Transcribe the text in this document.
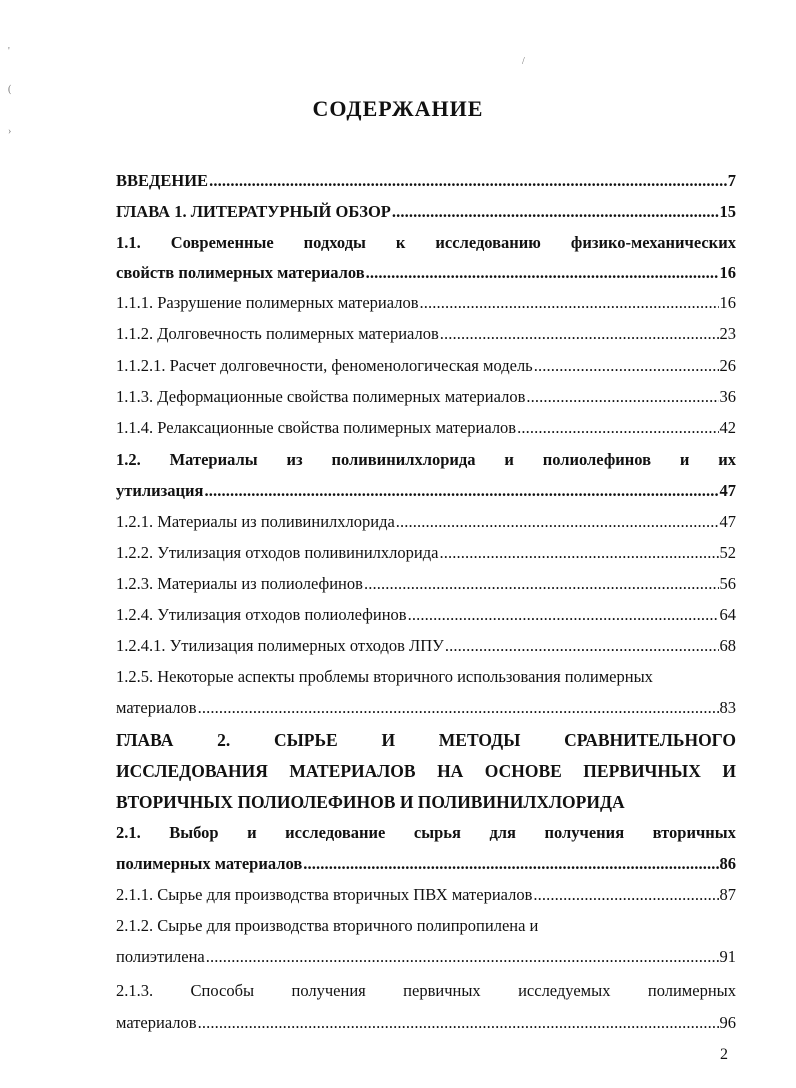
/
'
(
›
СОДЕРЖАНИЕ
ВВЕДЕНИЕ . . .	7
ГЛАВА 1. ЛИТЕРАТУРНЫЙ ОБЗОР . . .	15
1.1. Современные подходы к исследованию физико-механических
свойств полимерных материалов . . .	16
1.1.1. Разрушение полимерных материалов . . .	16
1.1.2. Долговечность полимерных материалов . . .	23
1.1.2.1. Расчет долговечности, феноменологическая модель . . .	26
1.1.3. Деформационные свойства полимерных материалов . . .	36
1.1.4. Релаксационные свойства полимерных материалов . . .	42
1.2. Материалы из поливинилхлорида и полиолефинов и их
утилизация . . .	47
1.2.1. Материалы из поливинилхлорида . . .	47
1.2.2. Утилизация отходов поливинилхлорида . . .	52
1.2.3. Материалы из полиолефинов . . .	56
1.2.4. Утилизация отходов полиолефинов . . .	64
1.2.4.1. Утилизация полимерных отходов ЛПУ . . .	68
1.2.5. Некоторые аспекты проблемы вторичного использования полимерных
материалов . . .	83
ГЛАВА 2. СЫРЬЕ И МЕТОДЫ СРАВНИТЕЛЬНОГО
ИССЛЕДОВАНИЯ МАТЕРИАЛОВ НА ОСНОВЕ ПЕРВИЧНЫХ И
ВТОРИЧНЫХ ПОЛИОЛЕФИНОВ И ПОЛИВИНИЛХЛОРИДА
2.1. Выбор и исследование сырья для получения вторичных
полимерных материалов . . .	86
2.1.1. Сырье для производства вторичных ПВХ материалов . . .	87
2.1.2. Сырье для производства вторичного полипропилена и
полиэтилена . . .	91
2.1.3. Способы получения первичных исследуемых полимерных
материалов . . .	96
2
